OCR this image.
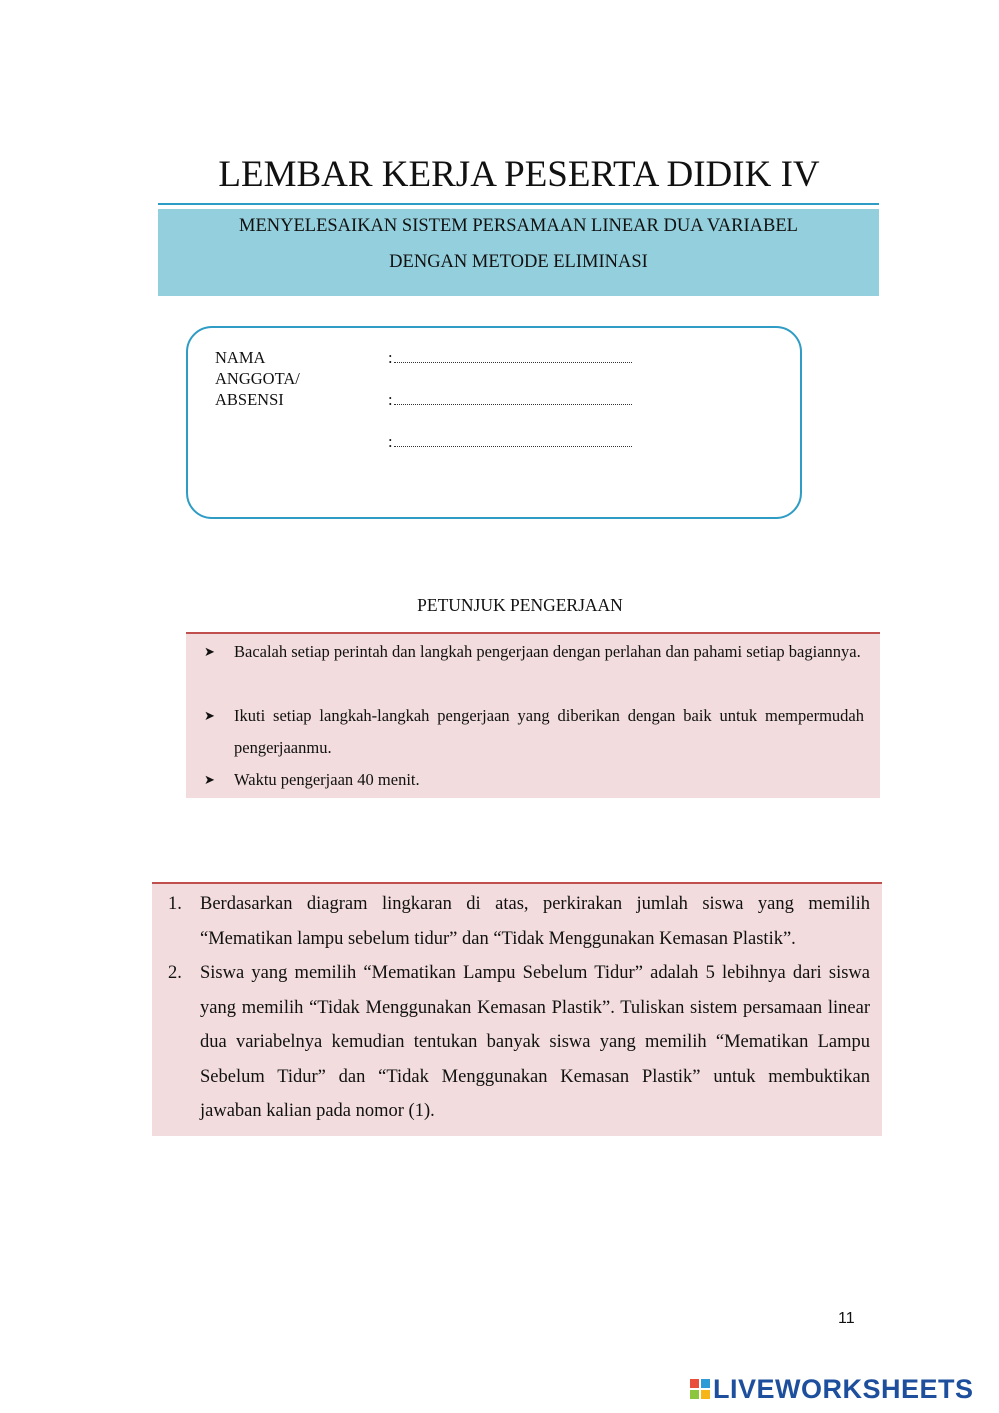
LEMBAR KERJA PESERTA DIDIK IV
MENYELESAIKAN SISTEM PERSAMAAN LINEAR DUA VARIABEL
DENGAN METODE ELIMINASI
NAMA
ANGGOTA/
ABSENSI
:
:
:
PETUNJUK PENGERJAAN
➤ Bacalah setiap perintah dan langkah pengerjaan dengan perlahan dan pahami setiap bagiannya.
➤ Ikuti setiap langkah-langkah pengerjaan yang diberikan dengan baik untuk mempermudah pengerjaanmu.
➤ Waktu pengerjaan 40 menit.
1. Berdasarkan diagram lingkaran di atas, perkirakan jumlah siswa yang memilih “Mematikan lampu sebelum tidur” dan “Tidak Menggunakan Kemasan Plastik”.
2. Siswa yang memilih “Mematikan Lampu Sebelum Tidur” adalah 5 lebihnya dari siswa yang memilih “Tidak Menggunakan Kemasan Plastik”. Tuliskan sistem persamaan linear dua variabelnya kemudian tentukan banyak siswa yang memilih “Mematikan Lampu Sebelum Tidur” dan “Tidak Menggunakan Kemasan Plastik” untuk membuktikan jawaban kalian pada nomor (1).
11
LIVEWORKSHEETS
